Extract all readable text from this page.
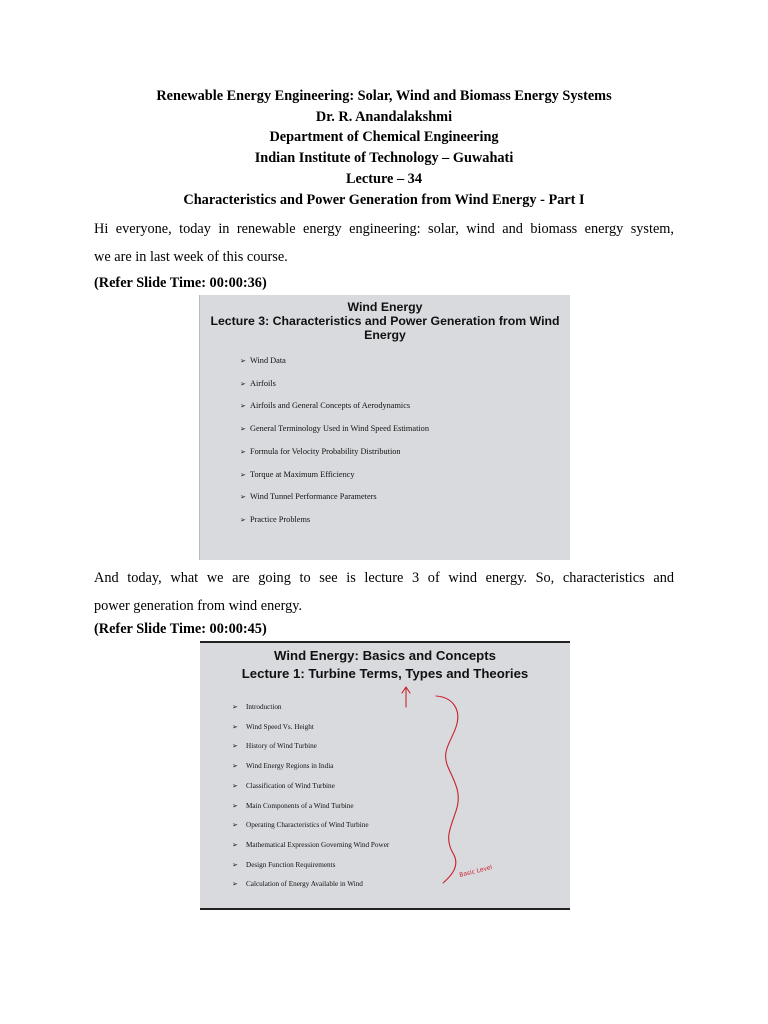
Renewable Energy Engineering: Solar, Wind and Biomass Energy Systems
Dr. R. Anandalakshmi
Department of Chemical Engineering
Indian Institute of Technology – Guwahati
Lecture – 34
Characteristics and Power Generation from Wind Energy - Part I
Hi everyone, today in renewable energy engineering: solar, wind and biomass energy system,
we are in last week of this course.
(Refer Slide Time: 00:00:36)
Wind Energy
Lecture 3: Characteristics and Power Generation from Wind Energy
➢ Wind Data
➢ Airfoils
➢ Airfoils and General Concepts of Aerodynamics
➢ General Terminology Used in Wind Speed Estimation
➢ Formula for Velocity Probability Distribution
➢ Torque at Maximum Efficiency
➢ Wind Tunnel Performance Parameters
➢ Practice Problems
And today, what we are going to see is lecture 3 of wind energy. So, characteristics and
power generation from wind energy.
(Refer Slide Time: 00:00:45)
Wind Energy: Basics and Concepts
Lecture 1: Turbine Terms, Types and Theories
➢ Introduction
➢ Wind Speed Vs. Height
➢ History of Wind Turbine
➢ Wind Energy Regions in India
➢ Classification of Wind Turbine
➢ Main Components of a Wind Turbine
➢ Operating Characteristics of Wind Turbine
➢ Mathematical Expression Governing Wind Power
➢ Design Function Requirements
➢ Calculation of Energy Available in Wind
Basic Level
